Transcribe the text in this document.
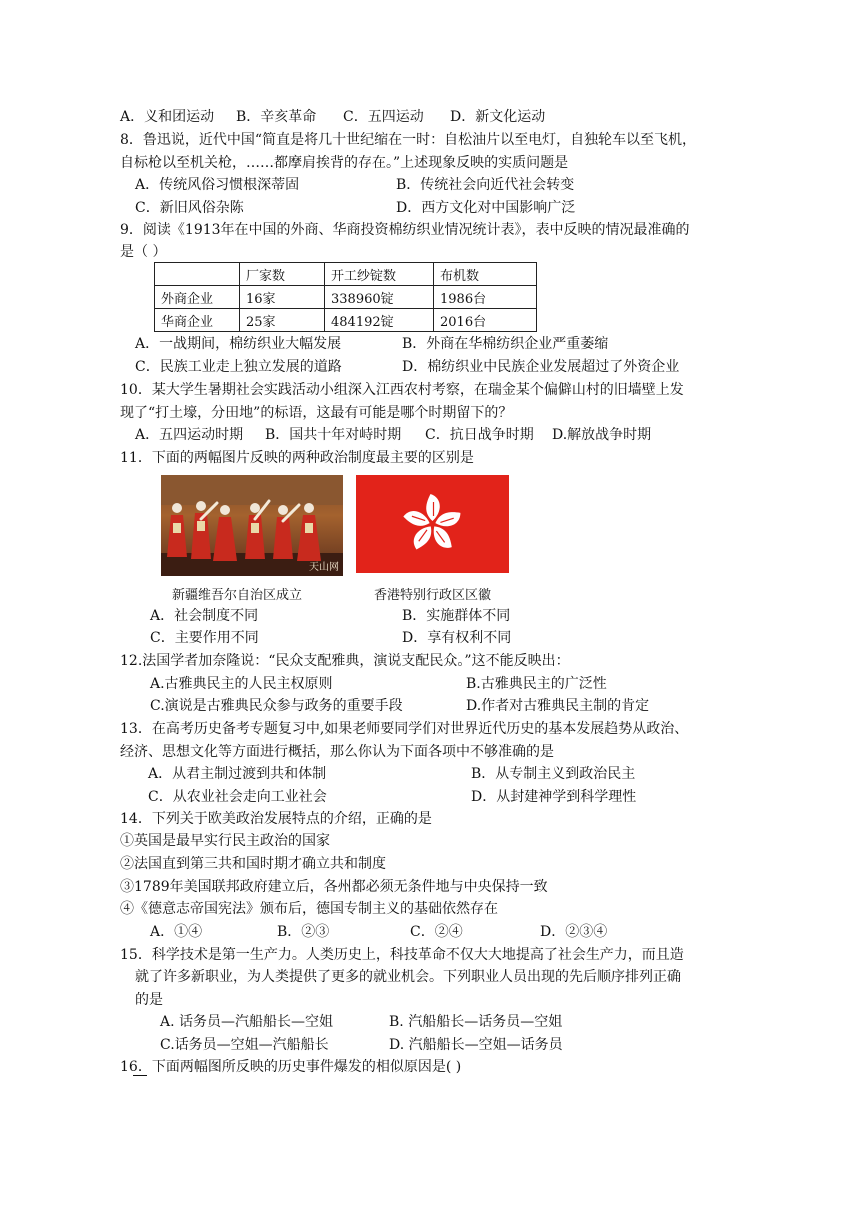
A．义和团运动 B．辛亥革命 C．五四运动 D．新文化运动
8．鲁迅说，近代中国“简直是将几十世纪缩在一时：自松油片以至电灯，自独轮车以至飞机，
自标枪以至机关枪，……都摩肩挨背的存在。”上述现象反映的实质问题是
A．传统风俗习惯根深蒂固	B．传统社会向近代社会转变
C．新旧风俗杂陈	D．西方文化对中国影响广泛
9．阅读《1913年在中国的外商、华商投资棉纺织业情况统计表》，表中反映的情况最准确的
是（ ）
	厂家数	开工纱锭数	布机数
外商企业	16家	338960锭	1986台
华商企业	25家	484192锭	2016台
A．一战期间，棉纺织业大幅发展	B．外商在华棉纺织企业严重萎缩
C．民族工业走上独立发展的道路	D．棉纺织业中民族企业发展超过了外资企业
10．某大学生暑期社会实践活动小组深入江西农村考察，在瑞金某个偏僻山村的旧墙壁上发
现了“打土壕，分田地”的标语，这最有可能是哪个时期留下的？
A．五四运动时期 B．国共十年对峙时期 C．抗日战争时期 D.解放战争时期
11．下面的两幅图片反映的两种政治制度最主要的区别是
天山网
新疆维吾尔自治区成立	香港特别行政区区徽
A．社会制度不同	B．实施群体不同
C．主要作用不同	D．享有权利不同
12.法国学者加奈隆说：“民众支配雅典，演说支配民众。”这不能反映出：
A.古雅典民主的人民主权原则	B.古雅典民主的广泛性
C.演说是古雅典民众参与政务的重要手段	D.作者对古雅典民主制的肯定
13．在高考历史备考专题复习中,如果老师要同学们对世界近代历史的基本发展趋势从政治、
经济、思想文化等方面进行概括，那么你认为下面各项中不够准确的是
A．从君主制过渡到共和体制	B．从专制主义到政治民主
C．从农业社会走向工业社会	D．从封建神学到科学理性
14．下列关于欧美政治发展特点的介绍，正确的是
①英国是最早实行民主政治的国家
②法国直到第三共和国时期才确立共和制度
③1789年美国联邦政府建立后，各州都必须无条件地与中央保持一致
④《德意志帝国宪法》颁布后，德国专制主义的基础依然存在
A．①④	B．②③	C．②④	D．②③④
15．科学技术是第一生产力。人类历史上，科技革命不仅大大地提高了社会生产力，而且造
就了许多新职业，为人类提供了更多的就业机会。下列职业人员出现的先后顺序排列正确
的是
A. 话务员—汽船船长—空姐	B. 汽船船长—话务员—空姐
C.话务员—空姐—汽船船长	D. 汽船船长—空姐—话务员
16．下面两幅图所反映的历史事件爆发的相似原因是( )
